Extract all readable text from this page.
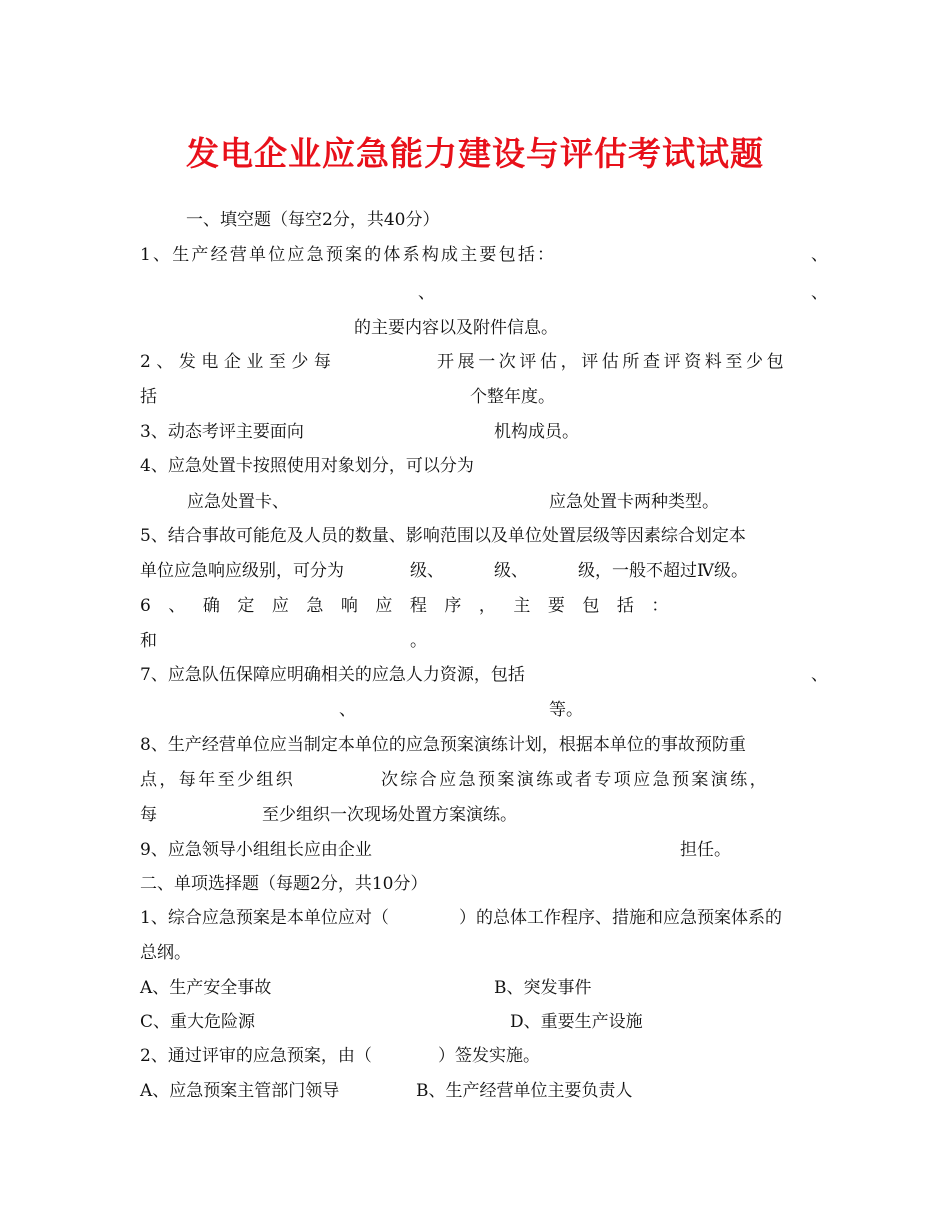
发电企业应急能力建设与评估考试试题
一、填空题（每空2分，共40分）
1、生产经营单位应急预案的体系构成主要包括：	、
、	、
的主要内容以及附件信息。
2、发电企业至少每	开展一次评估，评估所查评资料至少包
括	个整年度。
3、动态考评主要面向	机构成员。
4、应急处置卡按照使用对象划分，可以分为
应急处置卡、	应急处置卡两种类型。
5、结合事故可能危及人员的数量、影响范围以及单位处置层级等因素综合划定本
单位应急响应级别，可分为	级、	级、	级，一般不超过Ⅳ级。
6、确定应急响应程序，主要包括：
和	。
7、应急队伍保障应明确相关的应急人力资源，包括	、
、	等。
8、生产经营单位应当制定本单位的应急预案演练计划，根据本单位的事故预防重
点，每年至少组织	次综合应急预案演练或者专项应急预案演练，
每	至少组织一次现场处置方案演练。
9、应急领导小组组长应由企业	担任。
二、单项选择题（每题2分，共10分）
1、综合应急预案是本单位应对（	）的总体工作程序、措施和应急预案体系的
总纲。
A、生产安全事故	B、突发事件
C、重大危险源	D、重要生产设施
2、通过评审的应急预案，由（	）签发实施。
A、应急预案主管部门领导	B、生产经营单位主要负责人
